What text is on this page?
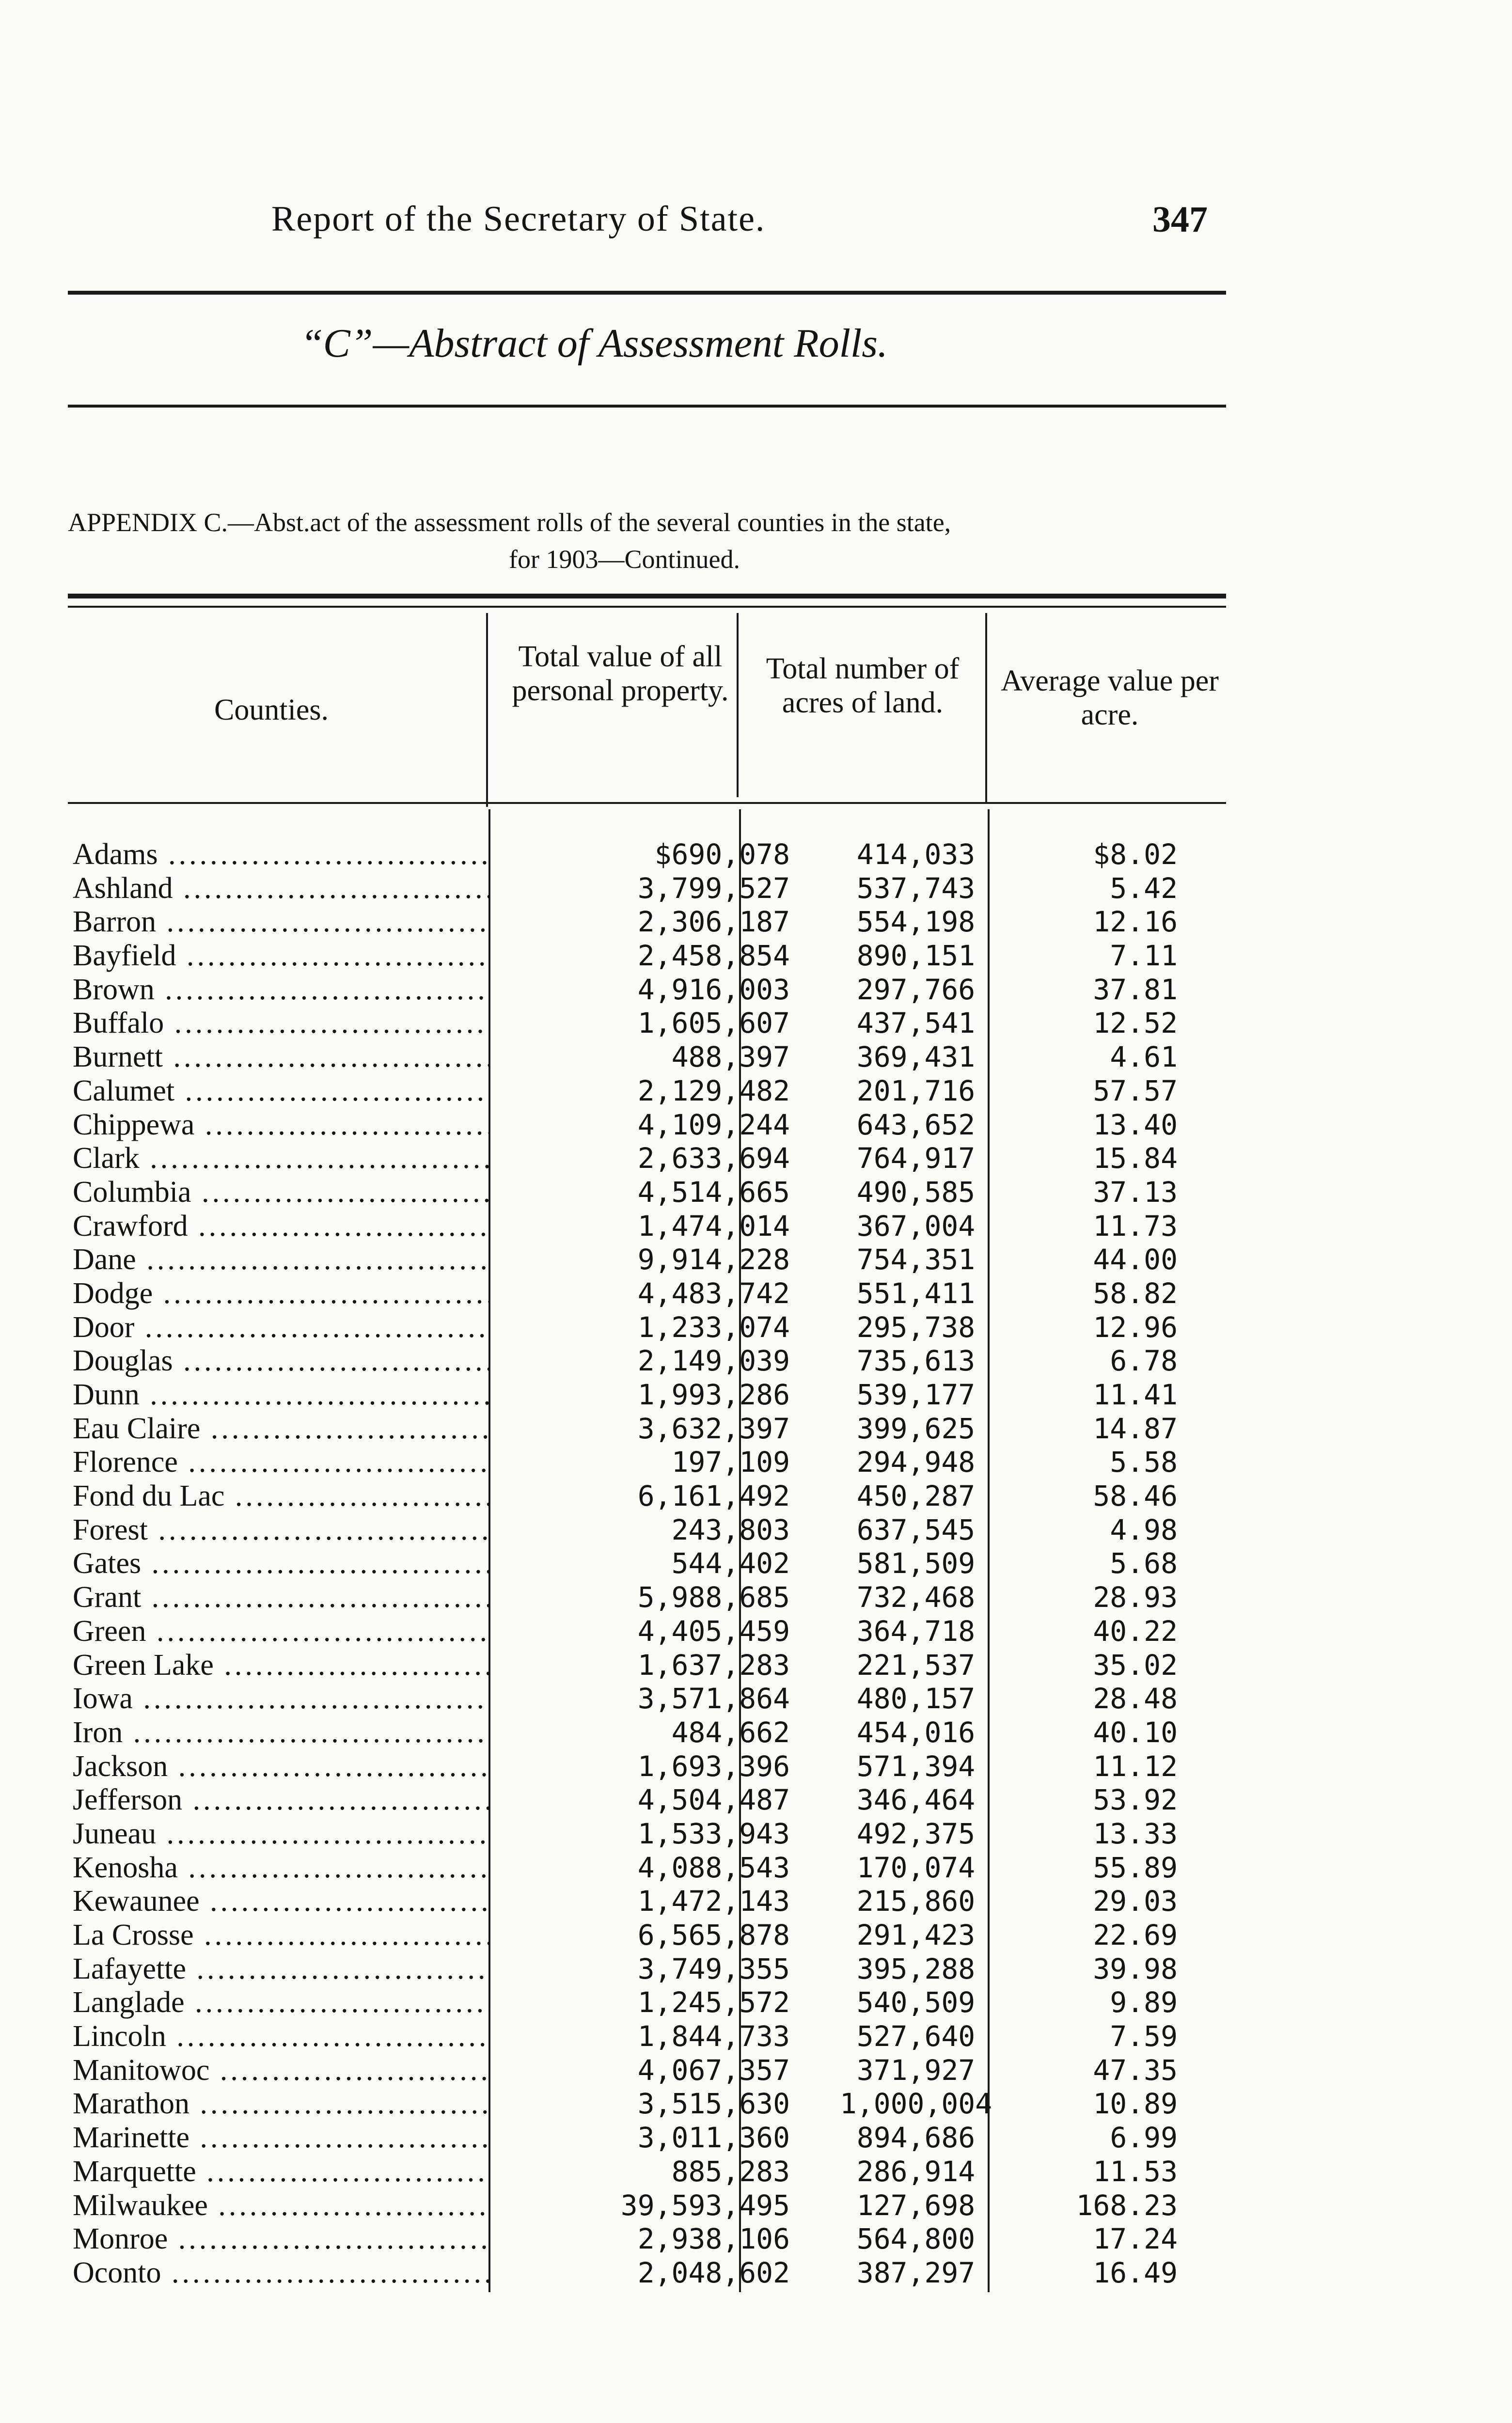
Report of the Secretary of State.	347
“C”—Abstract of Assessment Rolls.
APPENDIX C.—Abst.act of the assessment rolls of the several counties in the state,
for 1903—Continued.
Counties.
Total value of all personal property.
Total number of acres of land.
Average value per acre.
Adams .....	$690,078	414,033	$8.02
Ashland .....	3,799,527	537,743	5.42
Barron .....	2,306,187	554,198	12.16
Bayfield .....	2,458,854	890,151	7.11
Brown .....	4,916,003	297,766	37.81
Buffalo .....	1,605,607	437,541	12.52
Burnett .....	488,397	369,431	4.61
Calumet .....	2,129,482	201,716	57.57
Chippewa .....	4,109,244	643,652	13.40
Clark .....	2,633,694	764,917	15.84
Columbia .....	4,514,665	490,585	37.13
Crawford .....	1,474,014	367,004	11.73
Dane .....	9,914,228	754,351	44.00
Dodge .....	4,483,742	551,411	58.82
Door .....	1,233,074	295,738	12.96
Douglas .....	2,149,039	735,613	6.78
Dunn .....	1,993,286	539,177	11.41
Eau Claire .....	3,632,397	399,625	14.87
Florence .....	197,109	294,948	5.58
Fond du Lac .....	6,161,492	450,287	58.46
Forest .....	243,803	637,545	4.98
Gates .....	544,402	581,509	5.68
Grant .....	5,988,685	732,468	28.93
Green .....	4,405,459	364,718	40.22
Green Lake .....	1,637,283	221,537	35.02
Iowa .....	3,571,864	480,157	28.48
Iron .....	484,662	454,016	40.10
Jackson .....	1,693,396	571,394	11.12
Jefferson .....	4,504,487	346,464	53.92
Juneau .....	1,533,943	492,375	13.33
Kenosha .....	4,088,543	170,074	55.89
Kewaunee .....	1,472,143	215,860	29.03
La Crosse .....	6,565,878	291,423	22.69
Lafayette .....	3,749,355	395,288	39.98
Langlade .....	1,245,572	540,509	9.89
Lincoln .....	1,844,733	527,640	7.59
Manitowoc .....	4,067,357	371,927	47.35
Marathon .....	3,515,630	1,000,004	10.89
Marinette .....	3,011,360	894,686	6.99
Marquette .....	885,283	286,914	11.53
Milwaukee .....	39,593,495	127,698	168.23
Monroe .....	2,938,106	564,800	17.24
Oconto .....	2,048,602	387,297	16.49
